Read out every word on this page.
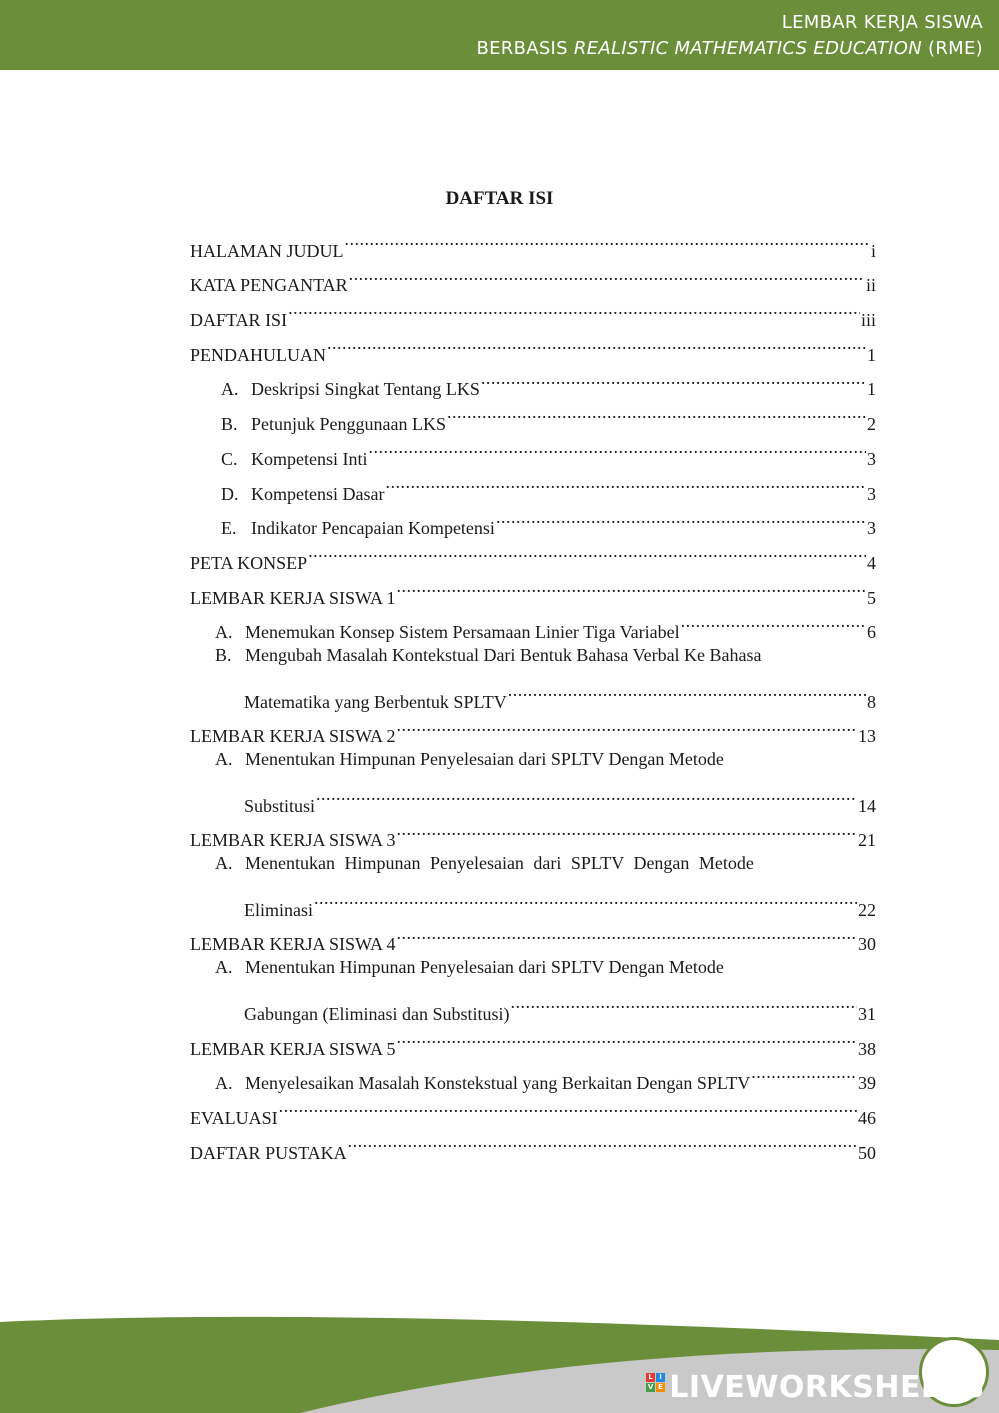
LEMBAR KERJA SISWA
BERBASIS REALISTIC MATHEMATICS EDUCATION (RME)
DAFTAR ISI
HALAMAN JUDUL .....	i
KATA PENGANTAR .....	ii
DAFTAR ISI .....	iii
PENDAHULUAN .....	1
A. Deskripsi Singkat Tentang LKS .....	1
B. Petunjuk Penggunaan LKS .....	2
C. Kompetensi Inti .....	3
D. Kompetensi Dasar .....	3
E. Indikator Pencapaian Kompetensi .....	3
PETA KONSEP .....	4
LEMBAR KERJA SISWA 1 .....	5
A. Menemukan Konsep Sistem Persamaan Linier Tiga Variabel .....	6
B. Mengubah Masalah Kontekstual Dari Bentuk Bahasa Verbal Ke Bahasa
Matematika yang Berbentuk SPLTV .....	8
LEMBAR KERJA SISWA 2 .....	13
A. Menentukan Himpunan Penyelesaian dari SPLTV Dengan Metode
Substitusi .....	14
LEMBAR KERJA SISWA 3 .....	21
A. Menentukan Himpunan Penyelesaian dari SPLTV Dengan Metode
Eliminasi .....	22
LEMBAR KERJA SISWA 4 .....	30
A. Menentukan Himpunan Penyelesaian dari SPLTV Dengan Metode
Gabungan (Eliminasi dan Substitusi) .....	31
LEMBAR KERJA SISWA 5 .....	38
A. Menyelesaikan Masalah Konstekstual yang Berkaitan Dengan SPLTV .....	39
EVALUASI .....	46
DAFTAR PUSTAKA .....	50
L I
V E LIVEWORKSHEETS
